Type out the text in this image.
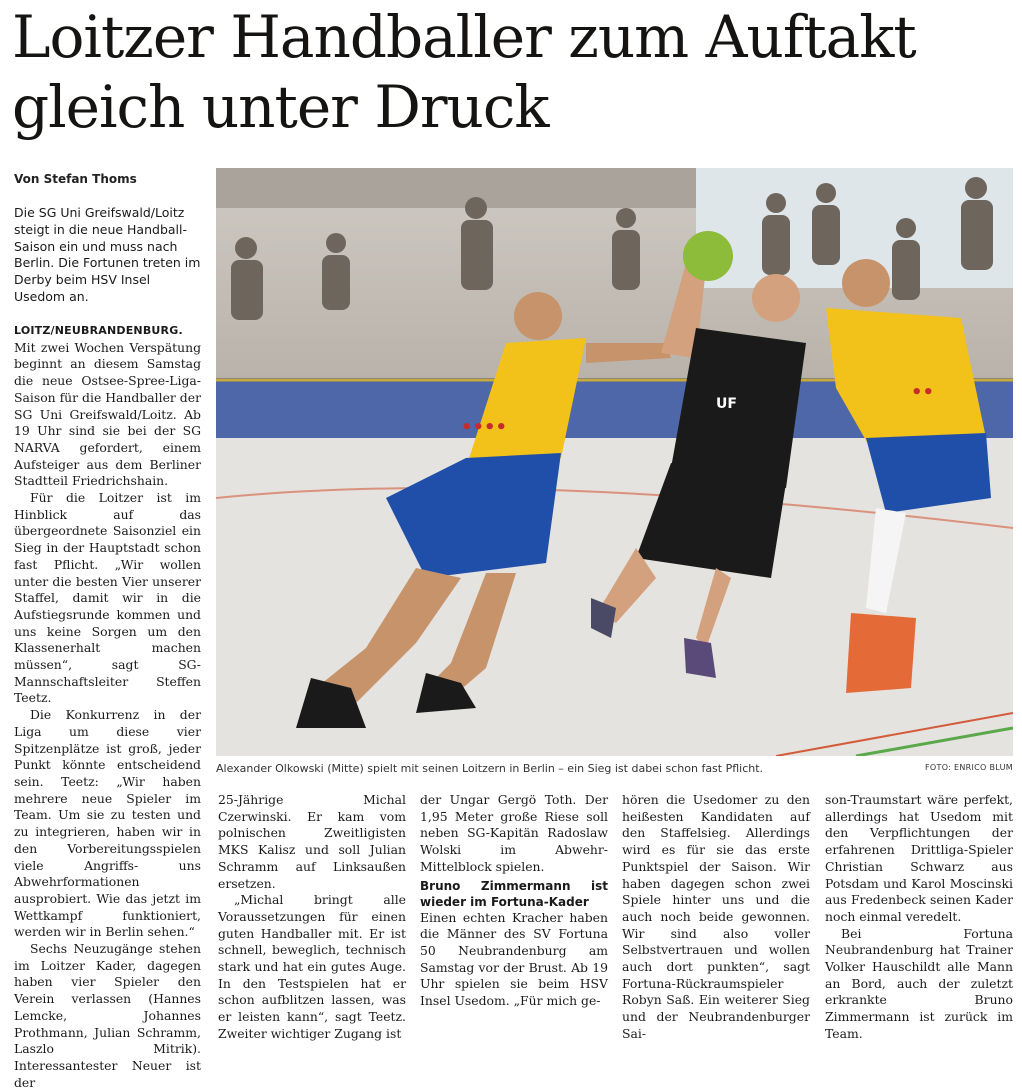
Loitzer Handballer zum Auftakt gleich unter Druck
Von Stefan Thoms
Die SG Uni Greifswald/Loitz steigt in die neue Handball-Saison ein und muss nach Berlin. Die Fortunen treten im Derby beim HSV Insel Usedom an.

LOITZ/NEUBRANDENBURG. Mit zwei Wochen Verspätung beginnt an diesem Samstag die neue Ostsee-Spree-Liga-Saison für die Handballer der SG Uni Greifswald/Loitz. Ab 19 Uhr sind sie bei der SG NARVA gefordert, einem Aufsteiger aus dem Berliner Stadtteil Friedrichshain.

Für die Loitzer ist im Hinblick auf das übergeordnete Saisonziel ein Sieg in der Hauptstadt schon fast Pflicht. „Wir wollen unter die besten Vier unserer Staffel, damit wir in die Aufstiegsrunde kommen und uns keine Sorgen um den Klassenerhalt machen müssen“, sagt SG-Mannschaftsleiter Steffen Teetz.

Die Konkurrenz in der Liga um diese vier Spitzenplätze ist groß, jeder Punkt könnte entscheidend sein. Teetz: „Wir haben mehrere neue Spieler im Team. Um sie zu testen und zu integrieren, haben wir in den Vorbereitungsspielen viele Angriffs- uns Abwehrformationen ausprobiert. Wie das jetzt im Wettkampf funktioniert, werden wir in Berlin sehen.“

Sechs Neuzugänge stehen im Loitzer Kader, dagegen haben vier Spieler den Verein verlassen (Hannes Lemcke, Johannes Prothmann, Julian Schramm, Laszlo Mitrik). Interessantester Neuer ist der

••••
UF
••
Alexander Olkowski (Mitte) spielt mit seinen Loitzern in Berlin – ein Sieg ist dabei schon fast Pflicht.	FOTO: ENRICO BLUM

25-Jährige Michal Czerwinski. Er kam vom polnischen Zweitligisten MKS Kalisz und soll Julian Schramm auf Linksaußen ersetzen.

„Michal bringt alle Voraussetzungen für einen guten Handballer mit. Er ist schnell, beweglich, technisch stark und hat ein gutes Auge. In den Testspielen hat er schon aufblitzen lassen, was er leisten kann“, sagt Teetz. Zweiter wichtiger Zugang ist

der Ungar Gergö Toth. Der 1,95 Meter große Riese soll neben SG-Kapitän Radoslaw Wolski im Abwehr-Mittelblock spielen.

Bruno Zimmermann ist wieder im Fortuna-Kader

Einen echten Kracher haben die Männer des SV Fortuna 50 Neubrandenburg am Samstag vor der Brust. Ab 19 Uhr spielen sie beim HSV Insel Usedom. „Für mich ge-

hören die Usedomer zu den heißesten Kandidaten auf den Staffelsieg. Allerdings wird es für sie das erste Punktspiel der Saison. Wir haben dagegen schon zwei Spiele hinter uns und die auch noch beide gewonnen. Wir sind also voller Selbstvertrauen und wollen auch dort punkten“, sagt Fortuna-Rückraumspieler Robyn Saß. Ein weiterer Sieg und der Neubrandenburger Sai-

son-Traumstart wäre perfekt, allerdings hat Usedom mit den Verpflichtungen der erfahrenen Drittliga-Spieler Christian Schwarz aus Potsdam und Karol Moscinski aus Fredenbeck seinen Kader noch einmal veredelt.

Bei Fortuna Neubrandenburg hat Trainer Volker Hauschildt alle Mann an Bord, auch der zuletzt erkrankte Bruno Zimmermann ist zurück im Team.
